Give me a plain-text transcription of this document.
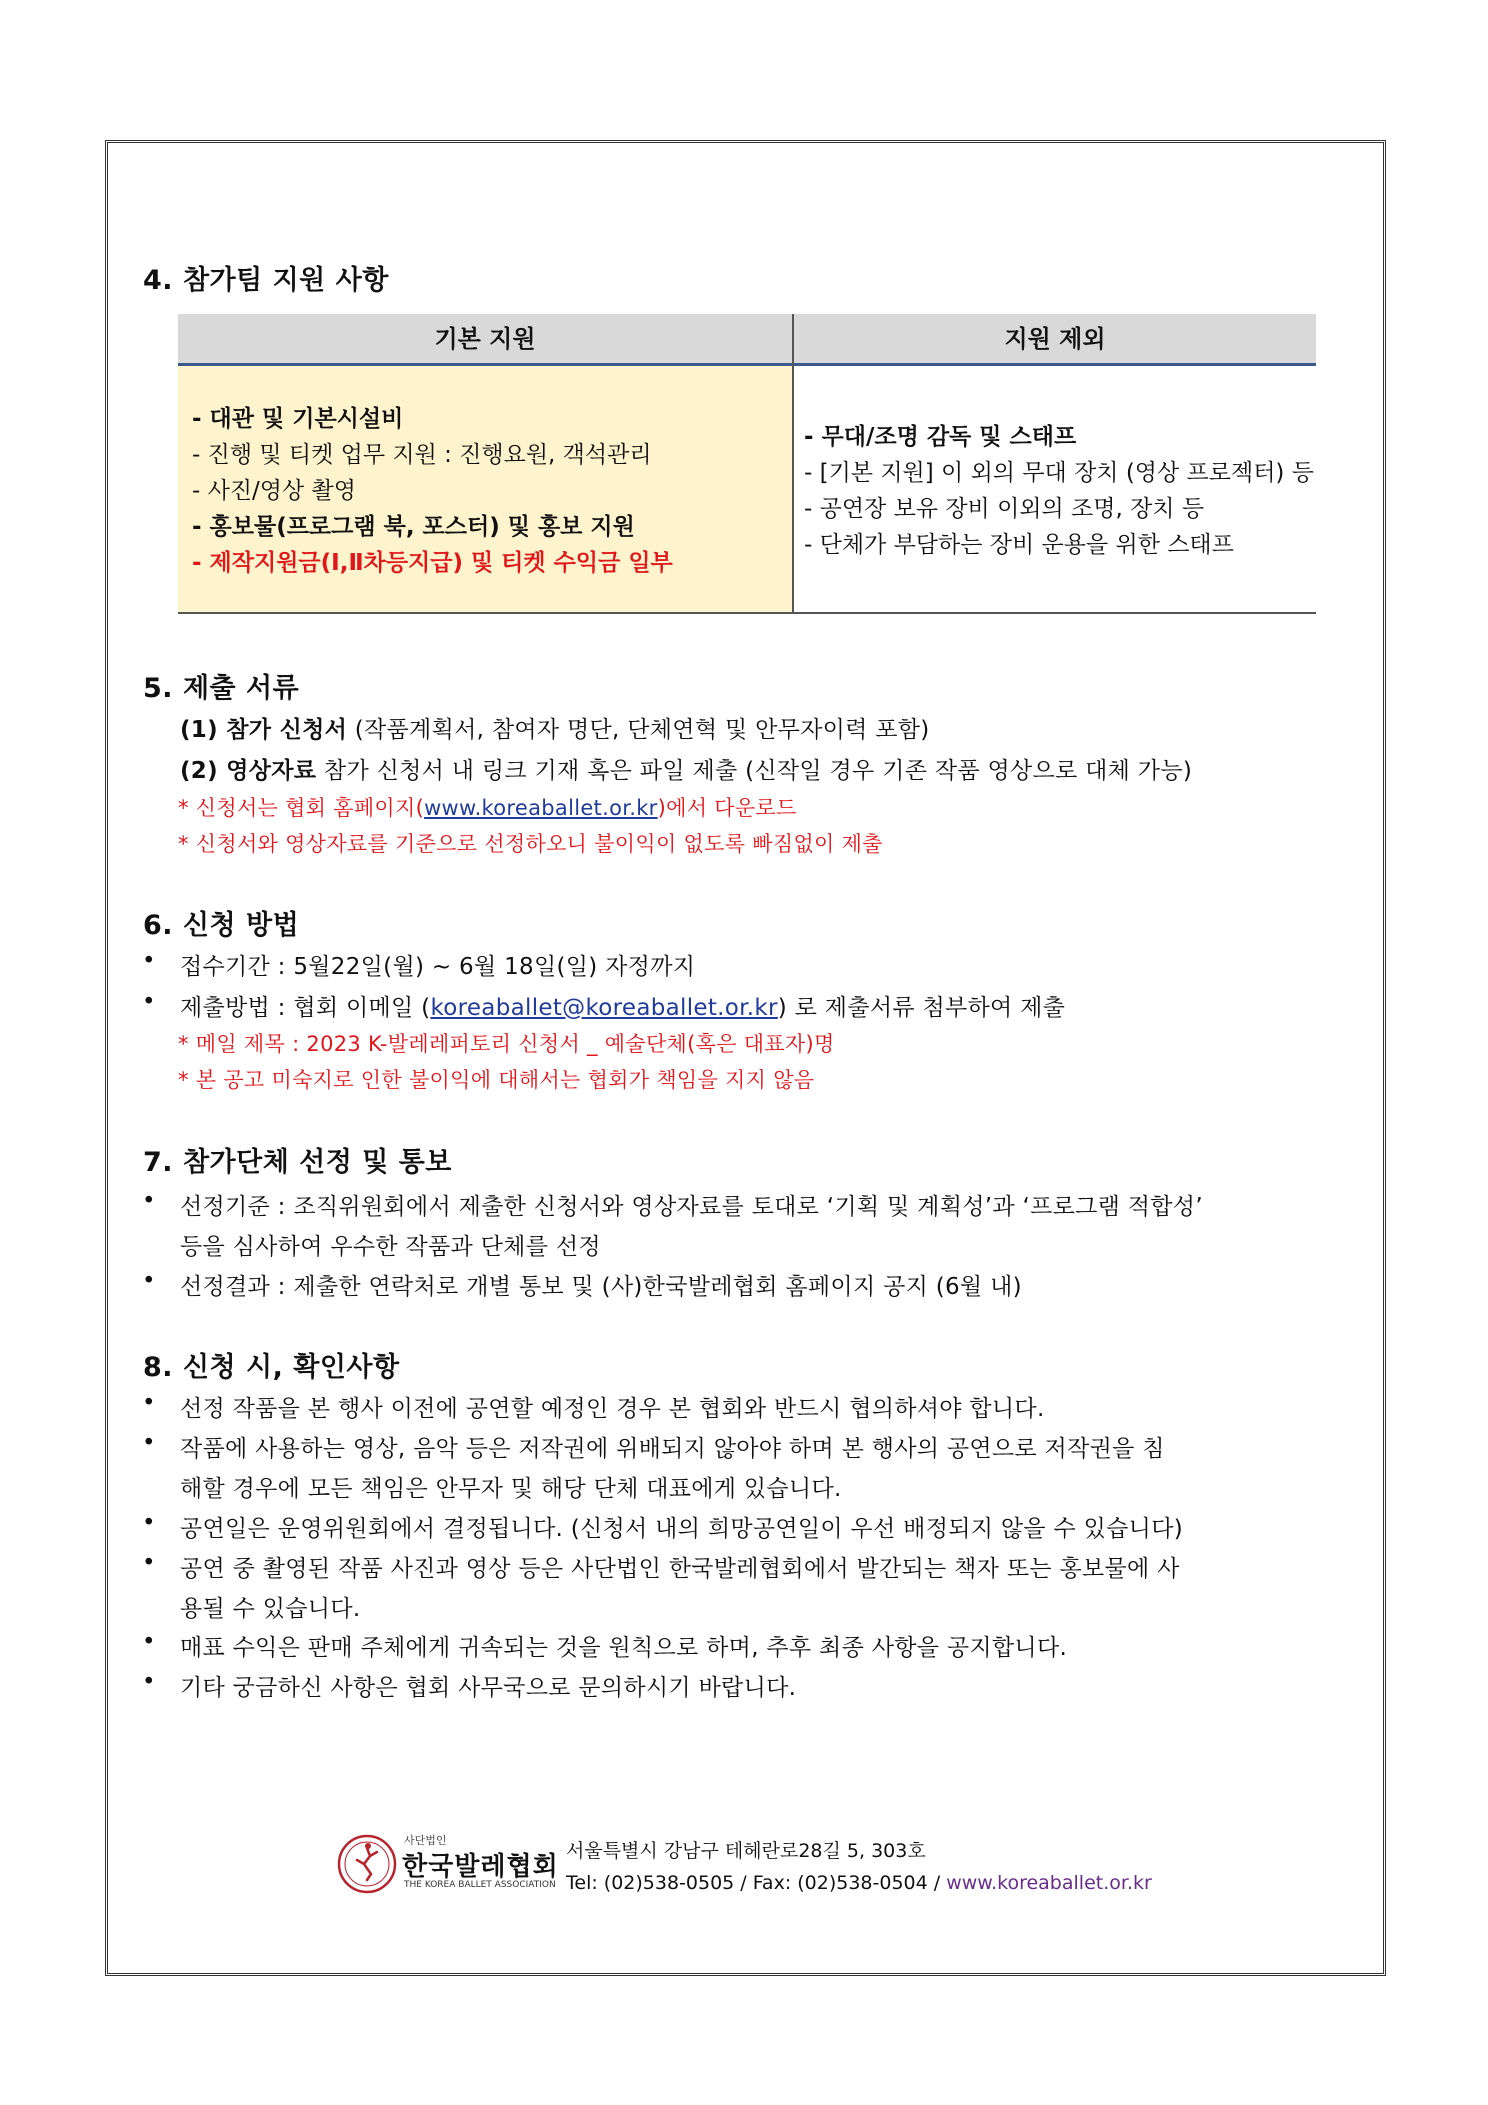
4. 참가팀 지원 사항
기본 지원	지원 제외
- 대관 및 기본시설비
- 진행 및 티켓 업무 지원 : 진행요원, 객석관리
- 사진/영상 촬영
- 홍보물(프로그램 북, 포스터) 및 홍보 지원
- 제작지원금(Ⅰ,Ⅱ차등지급) 및 티켓 수익금 일부
- 무대/조명 감독 및 스태프
- [기본 지원] 이 외의 무대 장치 (영상 프로젝터) 등
- 공연장 보유 장비 이외의 조명, 장치 등
- 단체가 부담하는 장비 운용을 위한 스태프
5. 제출 서류
(1) 참가 신청서 (작품계획서, 참여자 명단, 단체연혁 및 안무자이력 포함)
(2) 영상자료 참가 신청서 내 링크 기재 혹은 파일 제출 (신작일 경우 기존 작품 영상으로 대체 가능)
* 신청서는 협회 홈페이지(www.koreaballet.or.kr)에서 다운로드
* 신청서와 영상자료를 기준으로 선정하오니 불이익이 없도록 빠짐없이 제출
6. 신청 방법
• 접수기간 : 5월22일(월) ~ 6월 18일(일) 자정까지
• 제출방법 : 협회 이메일 (koreaballet@koreaballet.or.kr) 로 제출서류 첨부하여 제출
* 메일 제목 : 2023 K-발레레퍼토리 신청서 _ 예술단체(혹은 대표자)명
* 본 공고 미숙지로 인한 불이익에 대해서는 협회가 책임을 지지 않음
7. 참가단체 선정 및 통보
• 선정기준 : 조직위원회에서 제출한 신청서와 영상자료를 토대로 ‘기획 및 계획성’과 ‘프로그램 적합성’
등을 심사하여 우수한 작품과 단체를 선정
• 선정결과 : 제출한 연락처로 개별 통보 및 (사)한국발레협회 홈페이지 공지 (6월 내)
8. 신청 시, 확인사항
• 선정 작품을 본 행사 이전에 공연할 예정인 경우 본 협회와 반드시 협의하셔야 합니다.
• 작품에 사용하는 영상, 음악 등은 저작권에 위배되지 않아야 하며 본 행사의 공연으로 저작권을 침
해할 경우에 모든 책임은 안무자 및 해당 단체 대표에게 있습니다.
• 공연일은 운영위원회에서 결정됩니다. (신청서 내의 희망공연일이 우선 배정되지 않을 수 있습니다)
• 공연 중 촬영된 작품 사진과 영상 등은 사단법인 한국발레협회에서 발간되는 책자 또는 홍보물에 사
용될 수 있습니다.
• 매표 수익은 판매 주체에게 귀속되는 것을 원칙으로 하며, 추후 최종 사항을 공지합니다.
• 기타 궁금하신 사항은 협회 사무국으로 문의하시기 바랍니다.
사단법인
한국발레협회
THE KOREA BALLET ASSOCIATION
서울특별시 강남구 테헤란로28길 5, 303호
Tel: (02)538-0505 / Fax: (02)538-0504 / www.koreaballet.or.kr
